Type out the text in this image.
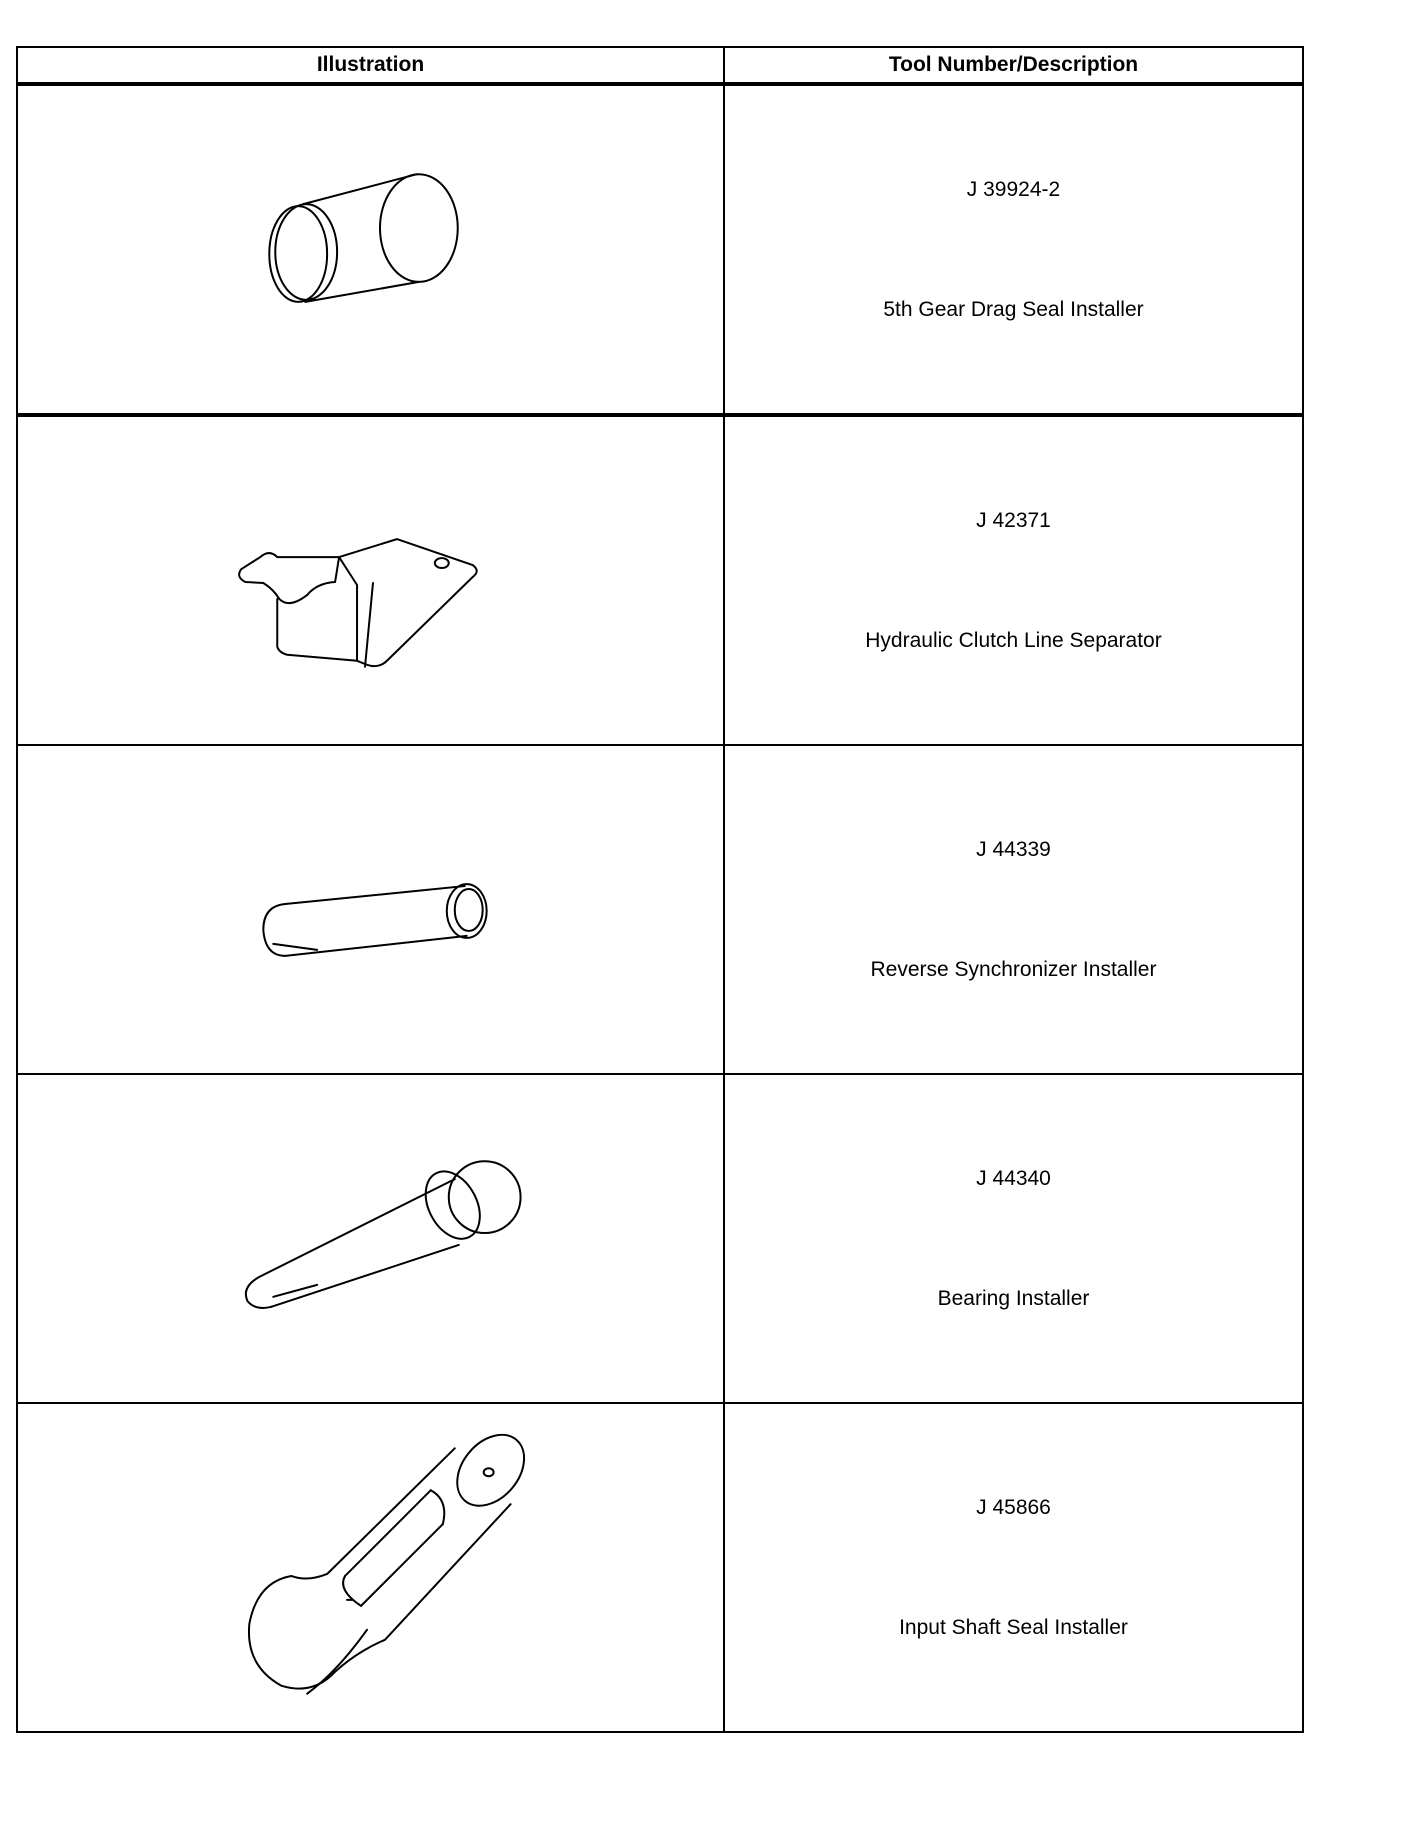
Illustration	Tool Number/Description

J 39924-2
5th Gear Drag Seal Installer

J 42371
Hydraulic Clutch Line Separator

J 44339
Reverse Synchronizer Installer

J 44340
Bearing Installer

J 45866
Input Shaft Seal Installer
